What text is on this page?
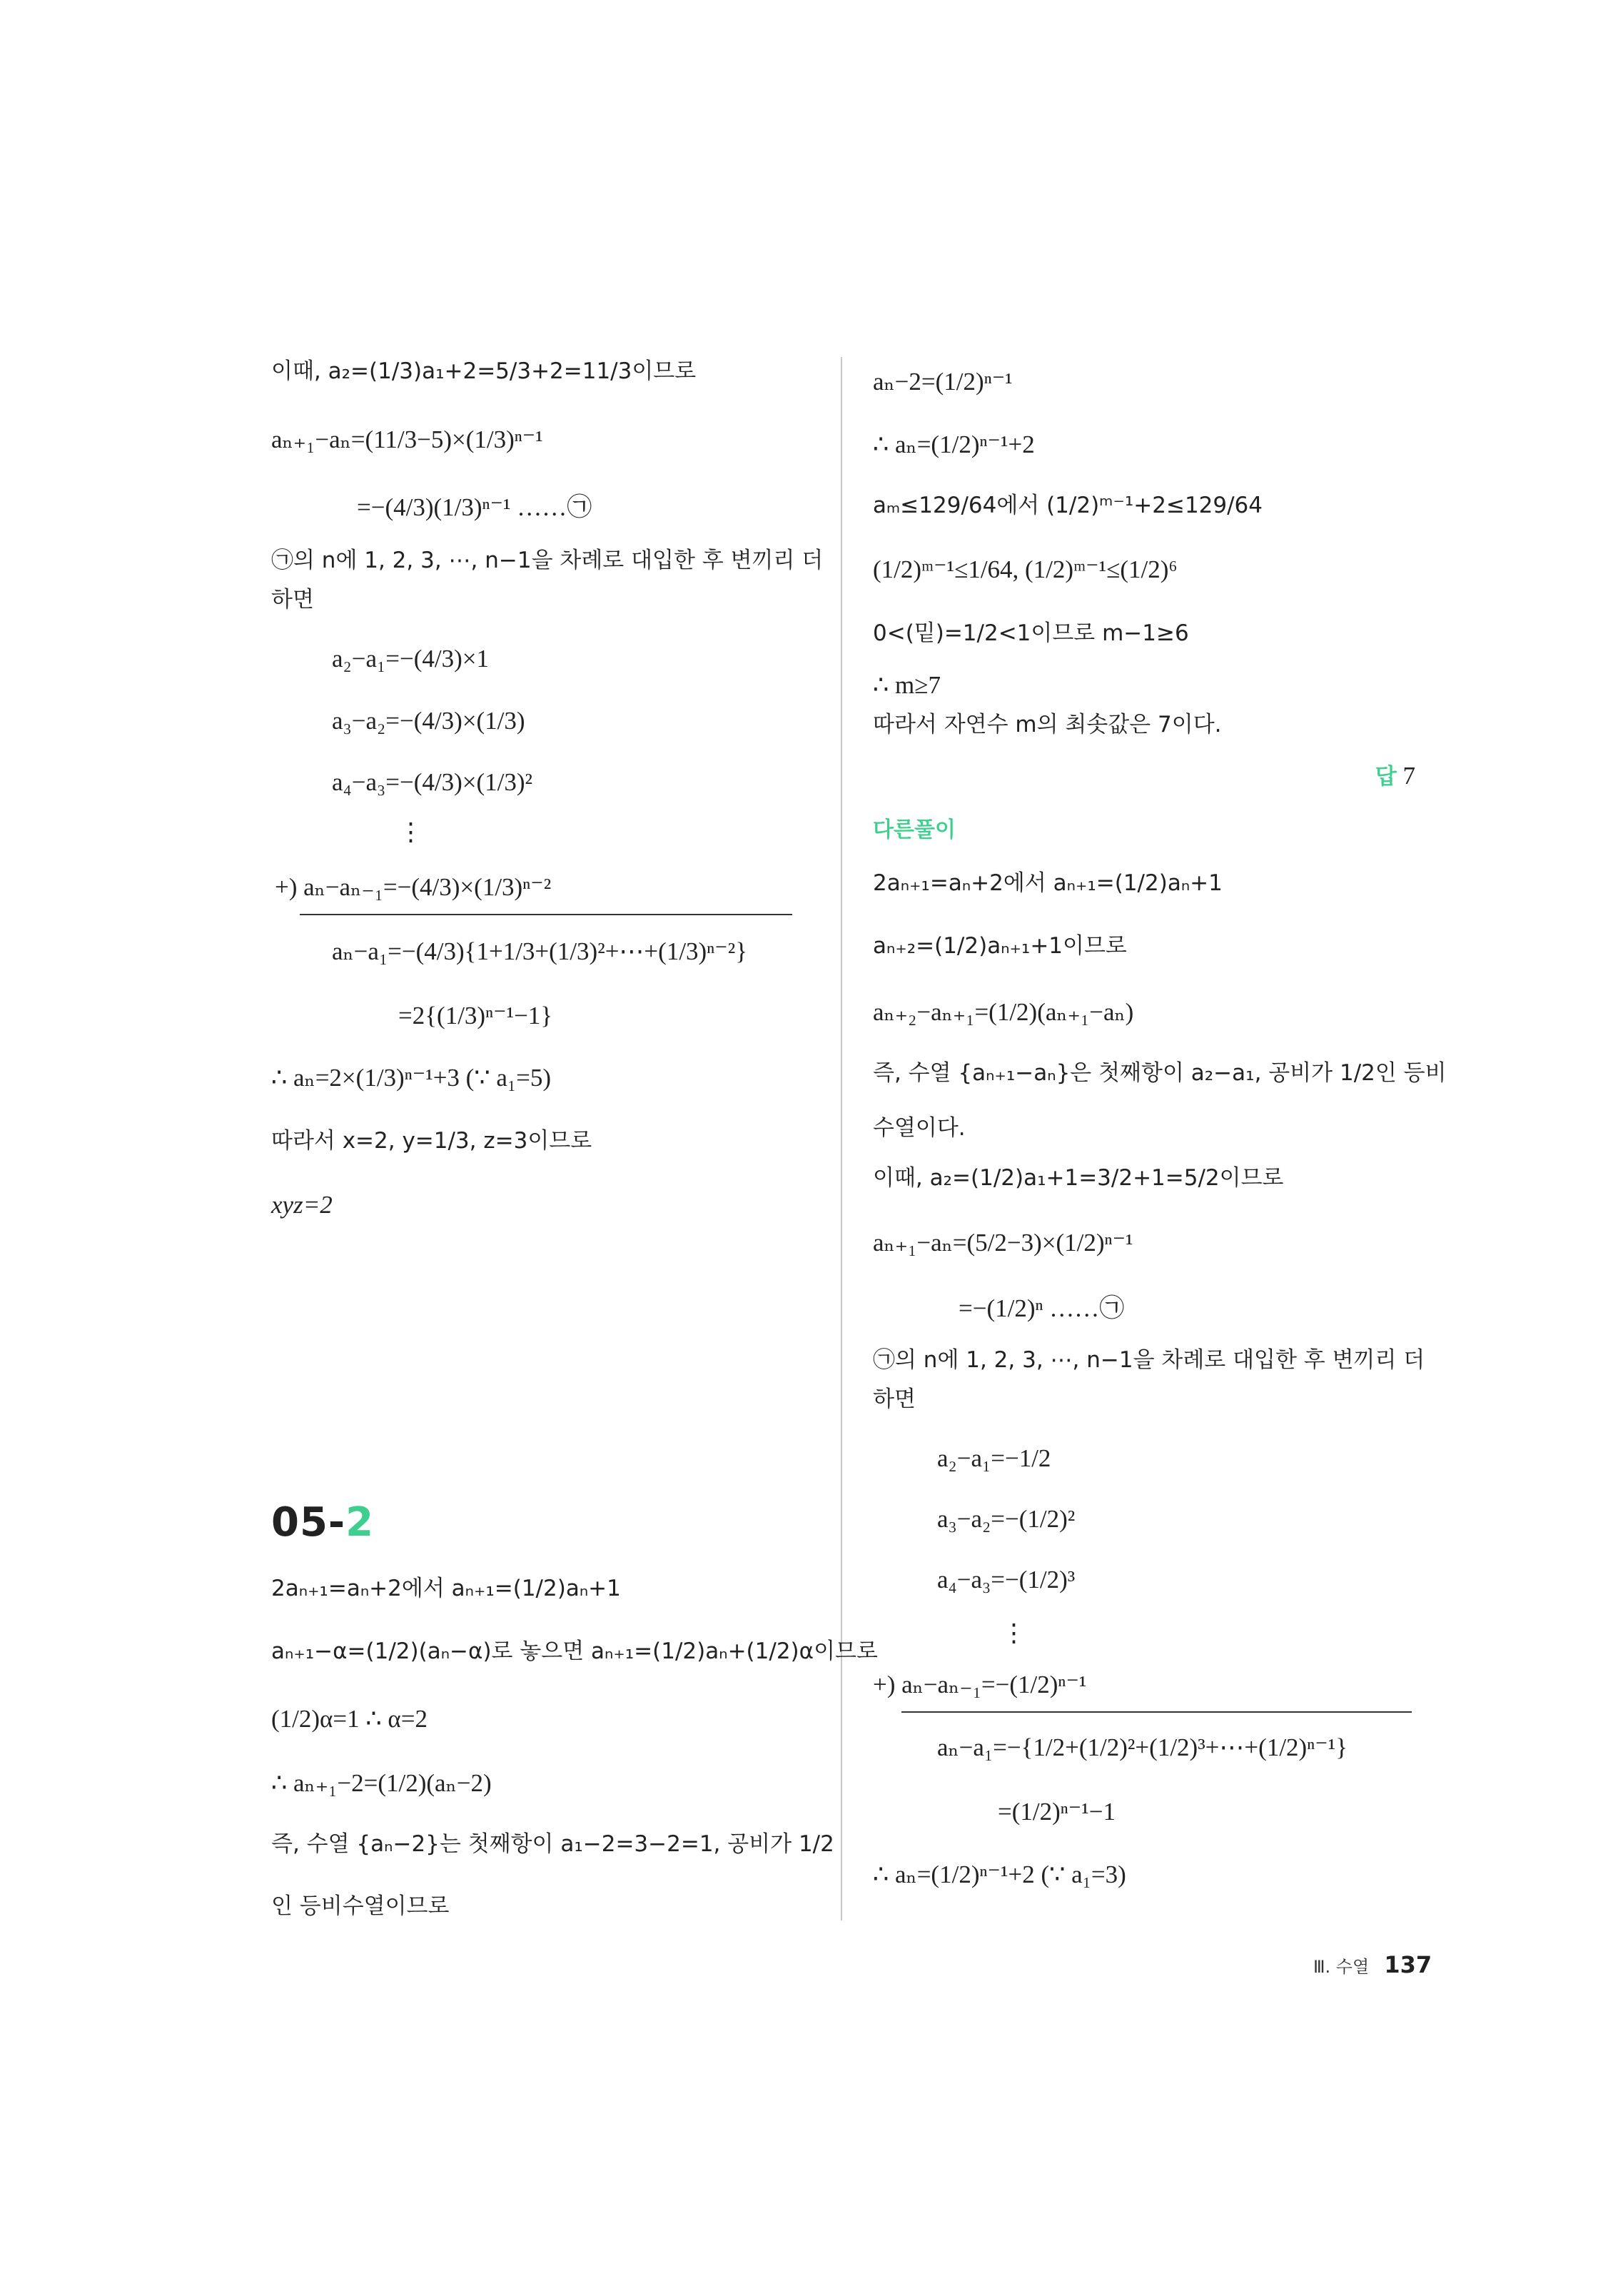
이때, a₂=(1/3)a₁+2=5/3+2=11/3이므로
aₙ₊₁−aₙ=(11/3−5)×(1/3)ⁿ⁻¹
=−(4/3)(1/3)ⁿ⁻¹ ……㉠
㉠의 n에 1, 2, 3, ⋯, n−1을 차례로 대입한 후 변끼리 더
하면
a₂−a₁=−(4/3)×1
a₃−a₂=−(4/3)×(1/3)
a₄−a₃=−(4/3)×(1/3)²
⋮
+) aₙ−aₙ₋₁=−(4/3)×(1/3)ⁿ⁻²
aₙ−a₁=−(4/3){1+1/3+(1/3)²+⋯+(1/3)ⁿ⁻²}
=2{(1/3)ⁿ⁻¹−1}
∴ aₙ=2×(1/3)ⁿ⁻¹+3 (∵ a₁=5)
따라서 x=2, y=1/3, z=3이므로
xyz=2
05-2
2aₙ₊₁=aₙ+2에서 aₙ₊₁=(1/2)aₙ+1
aₙ₊₁−α=(1/2)(aₙ−α)로 놓으면 aₙ₊₁=(1/2)aₙ+(1/2)α이므로
(1/2)α=1 ∴ α=2
∴ aₙ₊₁−2=(1/2)(aₙ−2)
즉, 수열 {aₙ−2}는 첫째항이 a₁−2=3−2=1, 공비가 1/2
인 등비수열이므로
aₙ−2=(1/2)ⁿ⁻¹
∴ aₙ=(1/2)ⁿ⁻¹+2
aₘ≤129/64에서 (1/2)ᵐ⁻¹+2≤129/64
(1/2)ᵐ⁻¹≤1/64, (1/2)ᵐ⁻¹≤(1/2)⁶
0<(밑)=1/2<1이므로 m−1≥6
∴ m≥7
따라서 자연수 m의 최솟값은 7이다.
답 7
다른풀이
2aₙ₊₁=aₙ+2에서 aₙ₊₁=(1/2)aₙ+1
aₙ₊₂=(1/2)aₙ₊₁+1이므로
aₙ₊₂−aₙ₊₁=(1/2)(aₙ₊₁−aₙ)
즉, 수열 {aₙ₊₁−aₙ}은 첫째항이 a₂−a₁, 공비가 1/2인 등비
수열이다.
이때, a₂=(1/2)a₁+1=3/2+1=5/2이므로
aₙ₊₁−aₙ=(5/2−3)×(1/2)ⁿ⁻¹
=−(1/2)ⁿ ……㉠
㉠의 n에 1, 2, 3, ⋯, n−1을 차례로 대입한 후 변끼리 더
하면
a₂−a₁=−1/2
a₃−a₂=−(1/2)²
a₄−a₃=−(1/2)³
⋮
+) aₙ−aₙ₋₁=−(1/2)ⁿ⁻¹
aₙ−a₁=−{1/2+(1/2)²+(1/2)³+⋯+(1/2)ⁿ⁻¹}
=(1/2)ⁿ⁻¹−1
∴ aₙ=(1/2)ⁿ⁻¹+2 (∵ a₁=3)
Ⅲ. 수열 137
